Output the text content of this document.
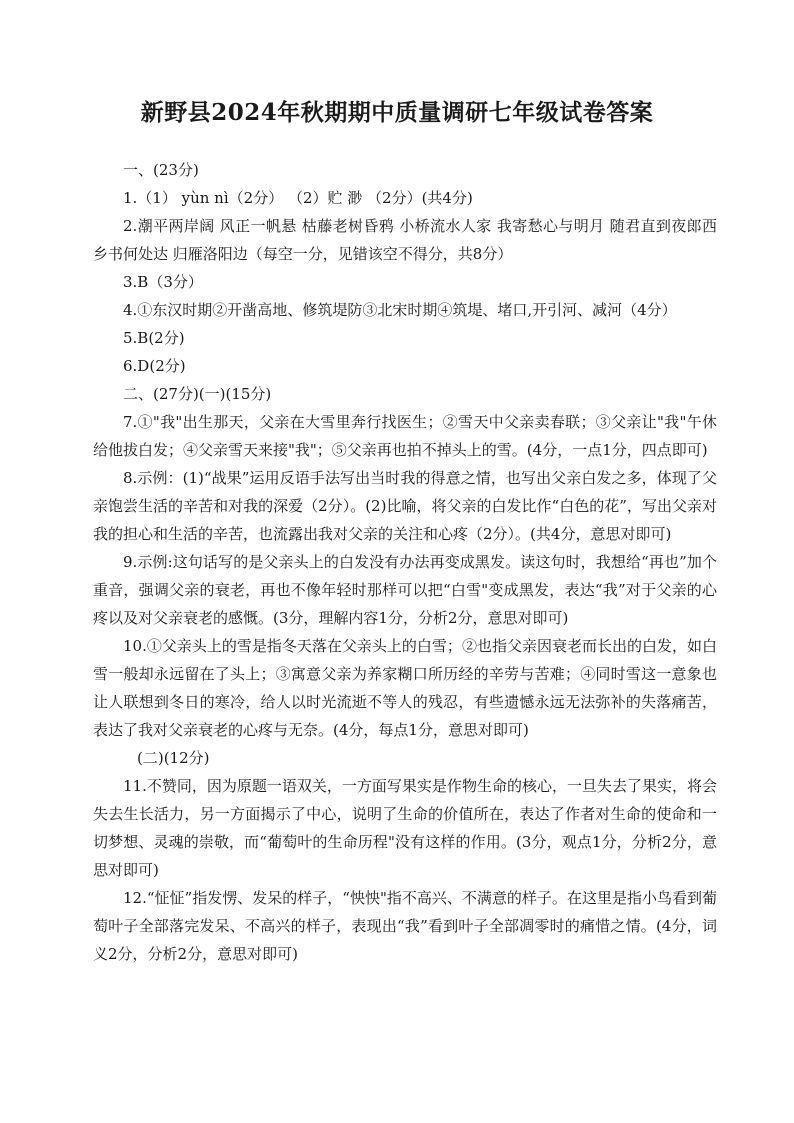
新野县2024年秋期期中质量调研七年级试卷答案

一、(23分)

1.（1） yùn nì（2分） （2）贮 渺 （2分）(共4分)

2.潮平两岸阔 风正一帆悬 枯藤老树昏鸦 小桥流水人家 我寄愁心与明月 随君直到夜郎西 乡书何处达 归雁洛阳边（每空一分，见错该空不得分，共8分）

3.B（3分）

4.①东汉时期②开凿高地、修筑堤防③北宋时期④筑堤、堵口,开引河、减河（4分）

5.B(2分)

6.D(2分)

二、(27分)(一)(15分)

7.①"我"出生那天，父亲在大雪里奔行找医生；②雪天中父亲卖春联；③父亲让"我"午休给他拔白发；④父亲雪天来接"我"；⑤父亲再也拍不掉头上的雪。(4分，一点1分，四点即可)

8.示例：(1)“战果”运用反语手法写出当时我的得意之情，也写出父亲白发之多，体现了父亲饱尝生活的辛苦和对我的深爱（2分）。(2)比喻，将父亲的白发比作“白色的花”，写出父亲对我的担心和生活的辛苦，也流露出我对父亲的关注和心疼（2分）。(共4分，意思对即可)

9.示例:这句话写的是父亲头上的白发没有办法再变成黑发。读这句时，我想给“再也”加个重音，强调父亲的衰老，再也不像年轻时那样可以把“白雪"变成黑发，表达“我”对于父亲的心疼以及对父亲衰老的感慨。(3分，理解内容1分，分析2分，意思对即可)

10.①父亲头上的雪是指冬天落在父亲头上的白雪；②也指父亲因衰老而长出的白发，如白雪一般却永远留在了头上；③寓意父亲为养家糊口所历经的辛劳与苦难；④同时雪这一意象也让人联想到冬日的寒冷，给人以时光流逝不等人的残忍，有些遗憾永远无法弥补的失落痛苦，表达了我对父亲衰老的心疼与无奈。(4分，每点1分，意思对即可)

(二)(12分)

11.不赞同，因为原题一语双关，一方面写果实是作物生命的核心，一旦失去了果实，将会失去生长活力，另一方面揭示了中心，说明了生命的价值所在，表达了作者对生命的使命和一切梦想、灵魂的崇敬，而“葡萄叶的生命历程"没有这样的作用。(3分，观点1分，分析2分，意思对即可)

12.“怔怔”指发愣、发呆的样子，“怏怏"指不高兴、不满意的样子。在这里是指小鸟看到葡萄叶子全部落完发呆、不高兴的样子，表现出“我”看到叶子全部凋零时的痛惜之情。(4分，词义2分，分析2分，意思对即可)
